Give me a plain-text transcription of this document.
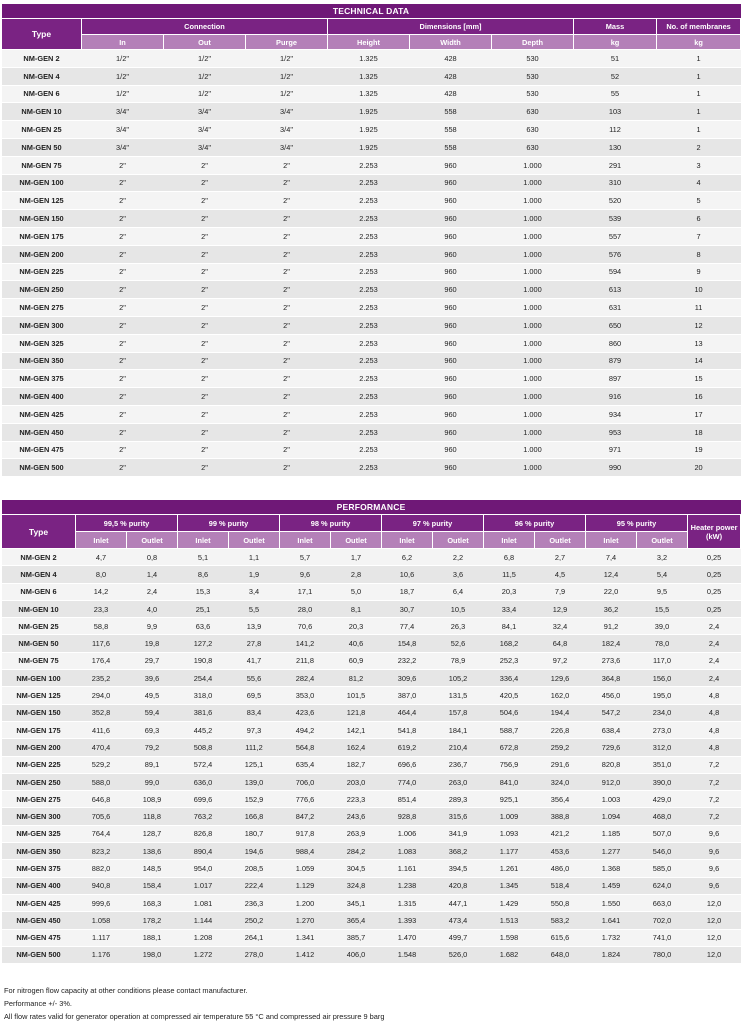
TECHNICAL DATA								
Type	Connection			Dimensions [mm]			Mass	No. of membranes
	In	Out	Purge	Height	Width	Depth	kg	kg
NM-GEN 2	1/2"	1/2"	1/2"	1.325	428	530	51	1
NM-GEN 4	1/2"	1/2"	1/2"	1.325	428	530	52	1
NM-GEN 6	1/2"	1/2"	1/2"	1.325	428	530	55	1
NM-GEN 10	3/4"	3/4"	3/4"	1.925	558	630	103	1
NM-GEN 25	3/4"	3/4"	3/4"	1.925	558	630	112	1
NM-GEN 50	3/4"	3/4"	3/4"	1.925	558	630	130	2
NM-GEN 75	2"	2"	2"	2.253	960	1.000	291	3
NM-GEN 100	2"	2"	2"	2.253	960	1.000	310	4
NM-GEN 125	2"	2"	2"	2.253	960	1.000	520	5
NM-GEN 150	2"	2"	2"	2.253	960	1.000	539	6
NM-GEN 175	2"	2"	2"	2.253	960	1.000	557	7
NM-GEN 200	2"	2"	2"	2.253	960	1.000	576	8
NM-GEN 225	2"	2"	2"	2.253	960	1.000	594	9
NM-GEN 250	2"	2"	2"	2.253	960	1.000	613	10
NM-GEN 275	2"	2"	2"	2.253	960	1.000	631	11
NM-GEN 300	2"	2"	2"	2.253	960	1.000	650	12
NM-GEN 325	2"	2"	2"	2.253	960	1.000	860	13
NM-GEN 350	2"	2"	2"	2.253	960	1.000	879	14
NM-GEN 375	2"	2"	2"	2.253	960	1.000	897	15
NM-GEN 400	2"	2"	2"	2.253	960	1.000	916	16
NM-GEN 425	2"	2"	2"	2.253	960	1.000	934	17
NM-GEN 450	2"	2"	2"	2.253	960	1.000	953	18
NM-GEN 475	2"	2"	2"	2.253	960	1.000	971	19
NM-GEN 500	2"	2"	2"	2.253	960	1.000	990	20
PERFORMANCE													
Type	99,5 % purity		99 % purity		98 % purity		97 % purity		96 % purity		95 % purity		Heater power (kW)
	Inlet	Outlet	Inlet	Outlet	Inlet	Outlet	Inlet	Outlet	Inlet	Outlet	Inlet	Outlet	
NM-GEN 2	4,7	0,8	5,1	1,1	5,7	1,7	6,2	2,2	6,8	2,7	7,4	3,2	0,25
NM-GEN 4	8,0	1,4	8,6	1,9	9,6	2,8	10,6	3,6	11,5	4,5	12,4	5,4	0,25
NM-GEN 6	14,2	2,4	15,3	3,4	17,1	5,0	18,7	6,4	20,3	7,9	22,0	9,5	0,25
NM-GEN 10	23,3	4,0	25,1	5,5	28,0	8,1	30,7	10,5	33,4	12,9	36,2	15,5	0,25
NM-GEN 25	58,8	9,9	63,6	13,9	70,6	20,3	77,4	26,3	84,1	32,4	91,2	39,0	2,4
NM-GEN 50	117,6	19,8	127,2	27,8	141,2	40,6	154,8	52,6	168,2	64,8	182,4	78,0	2,4
NM-GEN 75	176,4	29,7	190,8	41,7	211,8	60,9	232,2	78,9	252,3	97,2	273,6	117,0	2,4
NM-GEN 100	235,2	39,6	254,4	55,6	282,4	81,2	309,6	105,2	336,4	129,6	364,8	156,0	2,4
NM-GEN 125	294,0	49,5	318,0	69,5	353,0	101,5	387,0	131,5	420,5	162,0	456,0	195,0	4,8
NM-GEN 150	352,8	59,4	381,6	83,4	423,6	121,8	464,4	157,8	504,6	194,4	547,2	234,0	4,8
NM-GEN 175	411,6	69,3	445,2	97,3	494,2	142,1	541,8	184,1	588,7	226,8	638,4	273,0	4,8
NM-GEN 200	470,4	79,2	508,8	111,2	564,8	162,4	619,2	210,4	672,8	259,2	729,6	312,0	4,8
NM-GEN 225	529,2	89,1	572,4	125,1	635,4	182,7	696,6	236,7	756,9	291,6	820,8	351,0	7,2
NM-GEN 250	588,0	99,0	636,0	139,0	706,0	203,0	774,0	263,0	841,0	324,0	912,0	390,0	7,2
NM-GEN 275	646,8	108,9	699,6	152,9	776,6	223,3	851,4	289,3	925,1	356,4	1.003	429,0	7,2
NM-GEN 300	705,6	118,8	763,2	166,8	847,2	243,6	928,8	315,6	1.009	388,8	1.094	468,0	7,2
NM-GEN 325	764,4	128,7	826,8	180,7	917,8	263,9	1.006	341,9	1.093	421,2	1.185	507,0	9,6
NM-GEN 350	823,2	138,6	890,4	194,6	988,4	284,2	1.083	368,2	1.177	453,6	1.277	546,0	9,6
NM-GEN 375	882,0	148,5	954,0	208,5	1.059	304,5	1.161	394,5	1.261	486,0	1.368	585,0	9,6
NM-GEN 400	940,8	158,4	1.017	222,4	1.129	324,8	1.238	420,8	1.345	518,4	1.459	624,0	9,6
NM-GEN 425	999,6	168,3	1.081	236,3	1.200	345,1	1.315	447,1	1.429	550,8	1.550	663,0	12,0
NM-GEN 450	1.058	178,2	1.144	250,2	1.270	365,4	1.393	473,4	1.513	583,2	1.641	702,0	12,0
NM-GEN 475	1.117	188,1	1.208	264,1	1.341	385,7	1.470	499,7	1.598	615,6	1.732	741,0	12,0
NM-GEN 500	1.176	198,0	1.272	278,0	1.412	406,0	1.548	526,0	1.682	648,0	1.824	780,0	12,0
For nitrogen flow capacity at other conditions please contact manufacturer.
Performance +/- 3%.
All flow rates valid for generator operation at compressed air temperature 55 °C and compressed air pressure 9 barg
